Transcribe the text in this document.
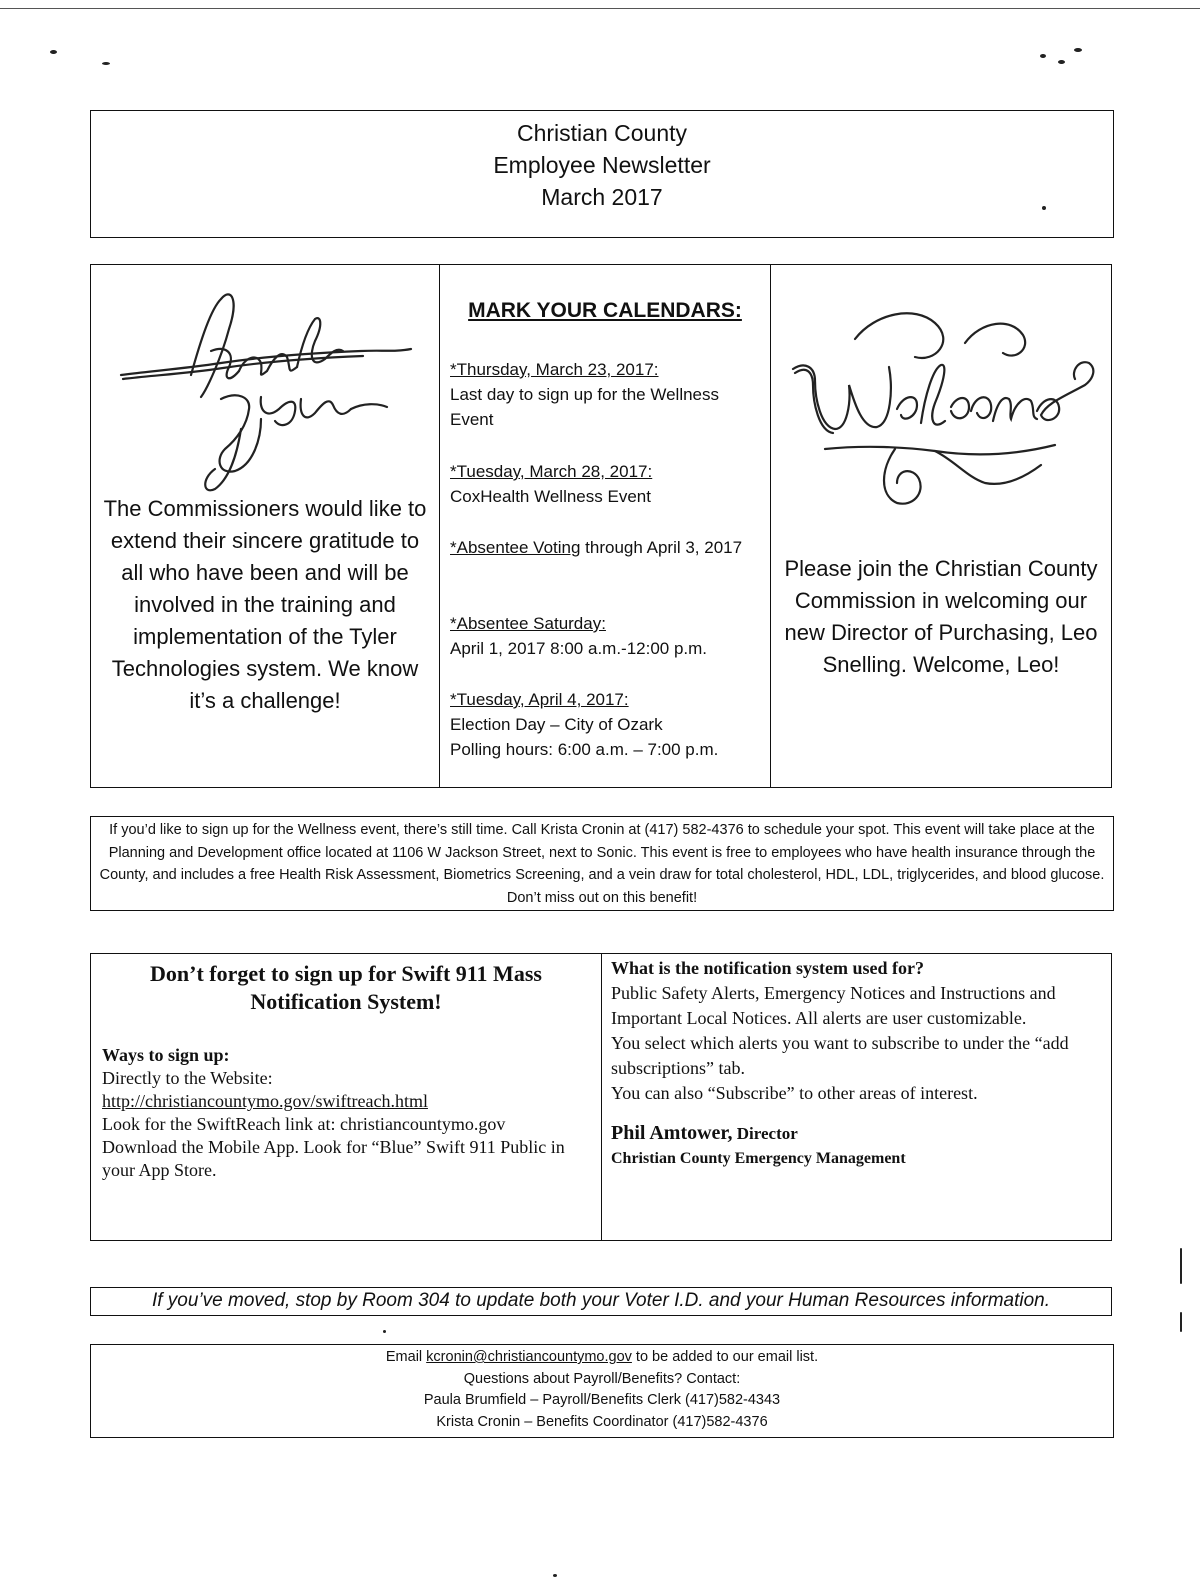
Christian County
Employee Newsletter
March 2017
The Commissioners would like to extend their sincere gratitude to all who have been and will be involved in the training and implementation of the Tyler Technologies system. We know it’s a challenge!
MARK YOUR CALENDARS:
*Thursday, March 23, 2017:
Last day to sign up for the Wellness Event
*Tuesday, March 28, 2017:
CoxHealth Wellness Event
*Absentee Voting through April 3, 2017
*Absentee Saturday:
April 1, 2017 8:00 a.m.-12:00 p.m.
*Tuesday, April 4, 2017:
Election Day – City of Ozark
Polling hours: 6:00 a.m. – 7:00 p.m.
Please join the Christian County Commission in welcoming our new Director of Purchasing, Leo Snelling. Welcome, Leo!
If you’d like to sign up for the Wellness event, there’s still time. Call Krista Cronin at (417) 582-4376 to schedule your spot. This event will take place at the Planning and Development office located at 1106 W Jackson Street, next to Sonic. This event is free to employees who have health insurance through the County, and includes a free Health Risk Assessment, Biometrics Screening, and a vein draw for total cholesterol, HDL, LDL, triglycerides, and blood glucose. Don’t miss out on this benefit!
Don’t forget to sign up for Swift 911 Mass Notification System!
Ways to sign up:
Directly to the Website:
http://christiancountymo.gov/swiftreach.html
Look for the SwiftReach link at: christiancountymo.gov
Download the Mobile App. Look for “Blue” Swift 911 Public in your App Store.
What is the notification system used for?
Public Safety Alerts, Emergency Notices and Instructions and Important Local Notices. All alerts are user customizable.
You select which alerts you want to subscribe to under the “add subscriptions” tab.
You can also “Subscribe” to other areas of interest.
Phil Amtower, Director
Christian County Emergency Management
If you’ve moved, stop by Room 304 to update both your Voter I.D. and your Human Resources information.
Email kcronin@christiancountymo.gov to be added to our email list.
Questions about Payroll/Benefits? Contact:
Paula Brumfield – Payroll/Benefits Clerk (417)582-4343
Krista Cronin – Benefits Coordinator (417)582-4376
